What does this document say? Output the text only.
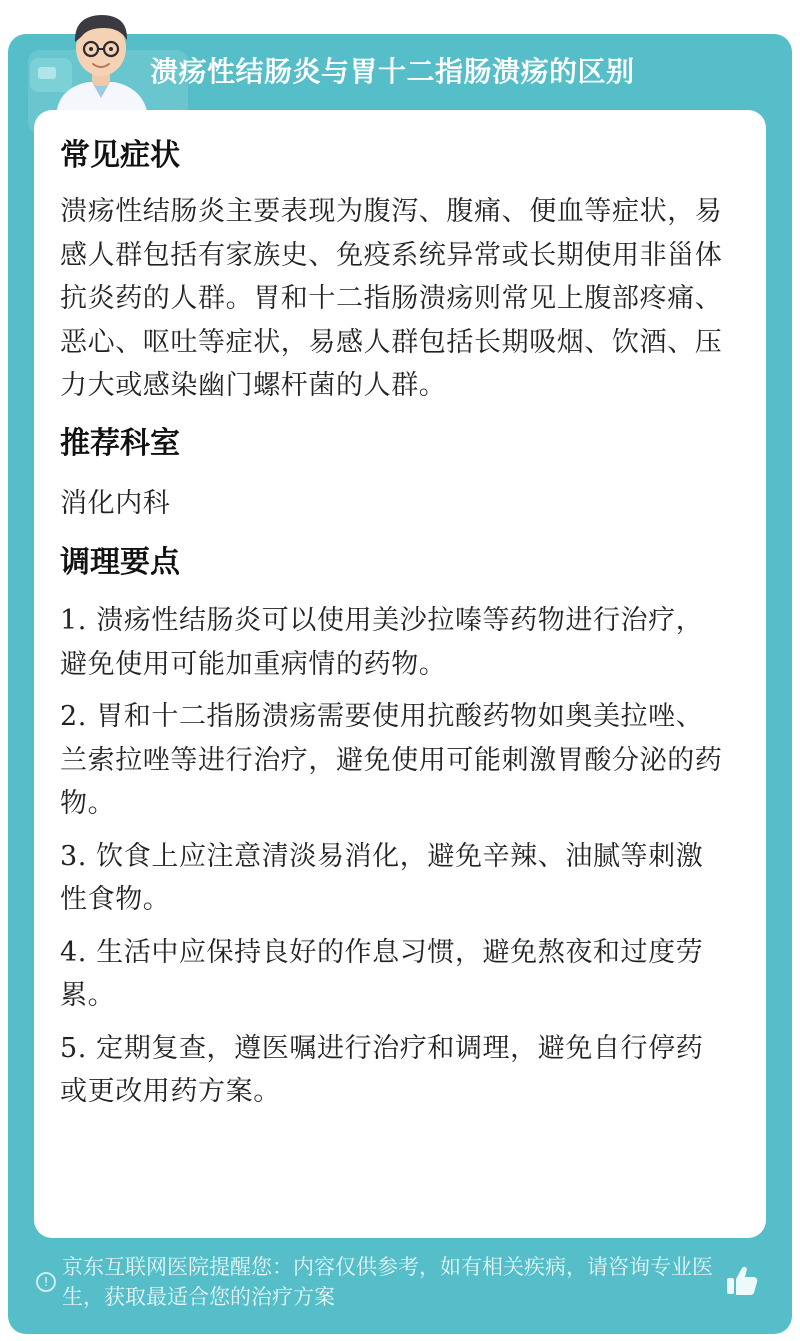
溃疡性结肠炎与胃十二指肠溃疡的区别
常见症状
溃疡性结肠炎主要表现为腹泻、腹痛、便血等症状，易感人群包括有家族史、免疫系统异常或长期使用非甾体抗炎药的人群。胃和十二指肠溃疡则常见上腹部疼痛、恶心、呕吐等症状，易感人群包括长期吸烟、饮酒、压力大或感染幽门螺杆菌的人群。
推荐科室
消化内科
调理要点
1. 溃疡性结肠炎可以使用美沙拉嗪等药物进行治疗，避免使用可能加重病情的药物。
2. 胃和十二指肠溃疡需要使用抗酸药物如奥美拉唑、兰索拉唑等进行治疗，避免使用可能刺激胃酸分泌的药物。
3. 饮食上应注意清淡易消化，避免辛辣、油腻等刺激性食物。
4. 生活中应保持良好的作息习惯，避免熬夜和过度劳累。
5. 定期复查，遵医嘱进行治疗和调理，避免自行停药或更改用药方案。
!
京东互联网医院提醒您：内容仅供参考，如有相关疾病，请咨询专业医生，获取最适合您的治疗方案
